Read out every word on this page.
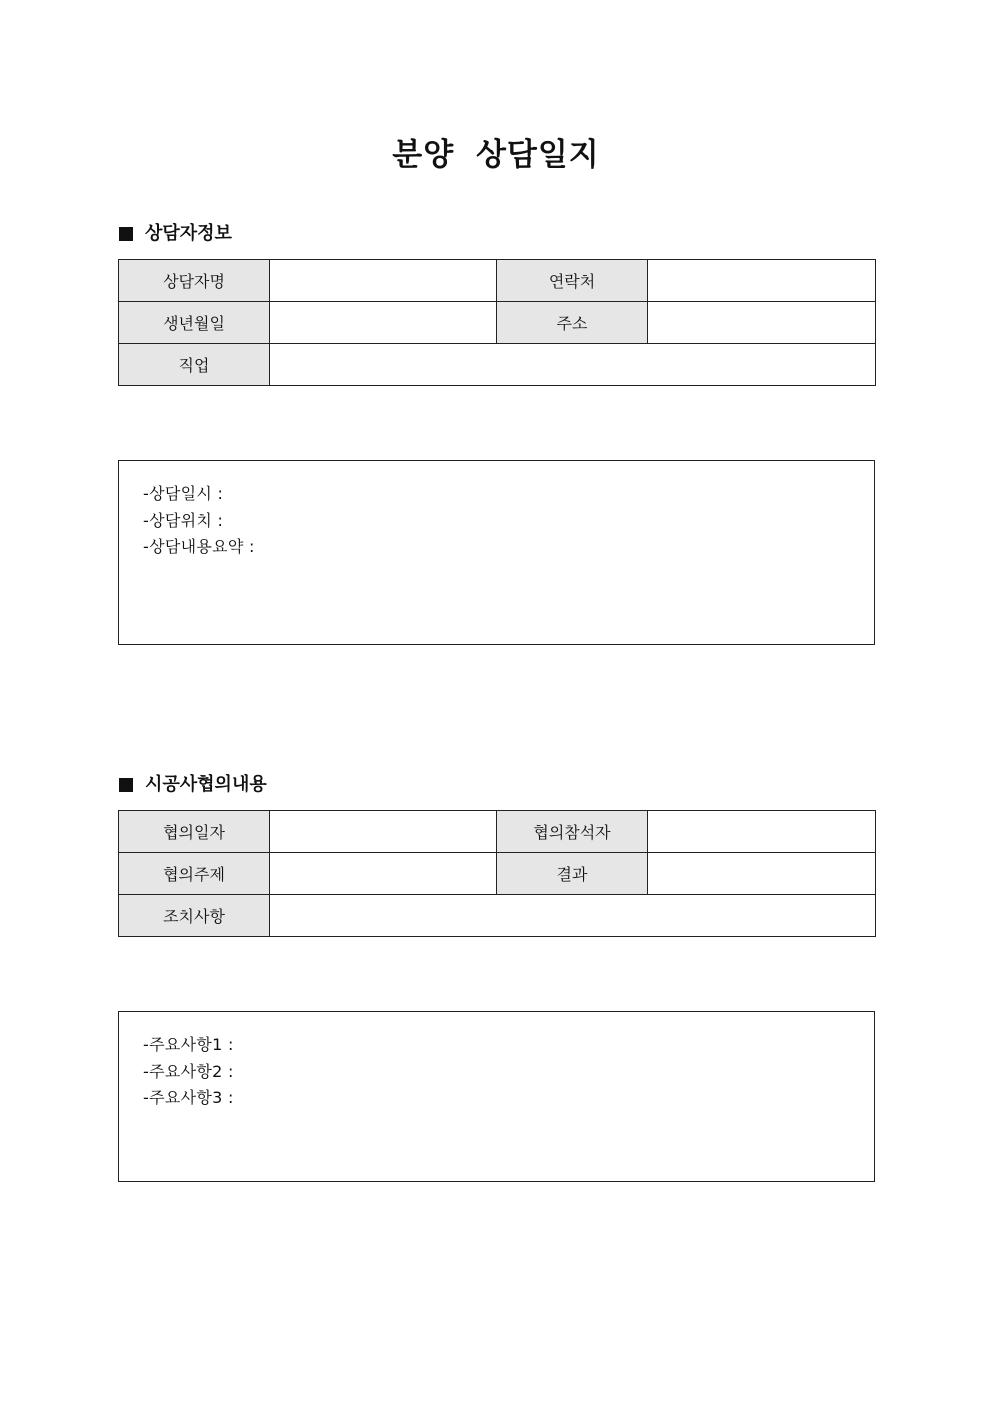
분양 상담일지
상담자정보
상담자명		연락처	
생년월일		주소	
직업			
-상담일시 :
-상담위치 :
-상담내용요약 :
시공사협의내용
협의일자		협의참석자	
협의주제		결과	
조치사항			
-주요사항1 :
-주요사항2 :
-주요사항3 :
